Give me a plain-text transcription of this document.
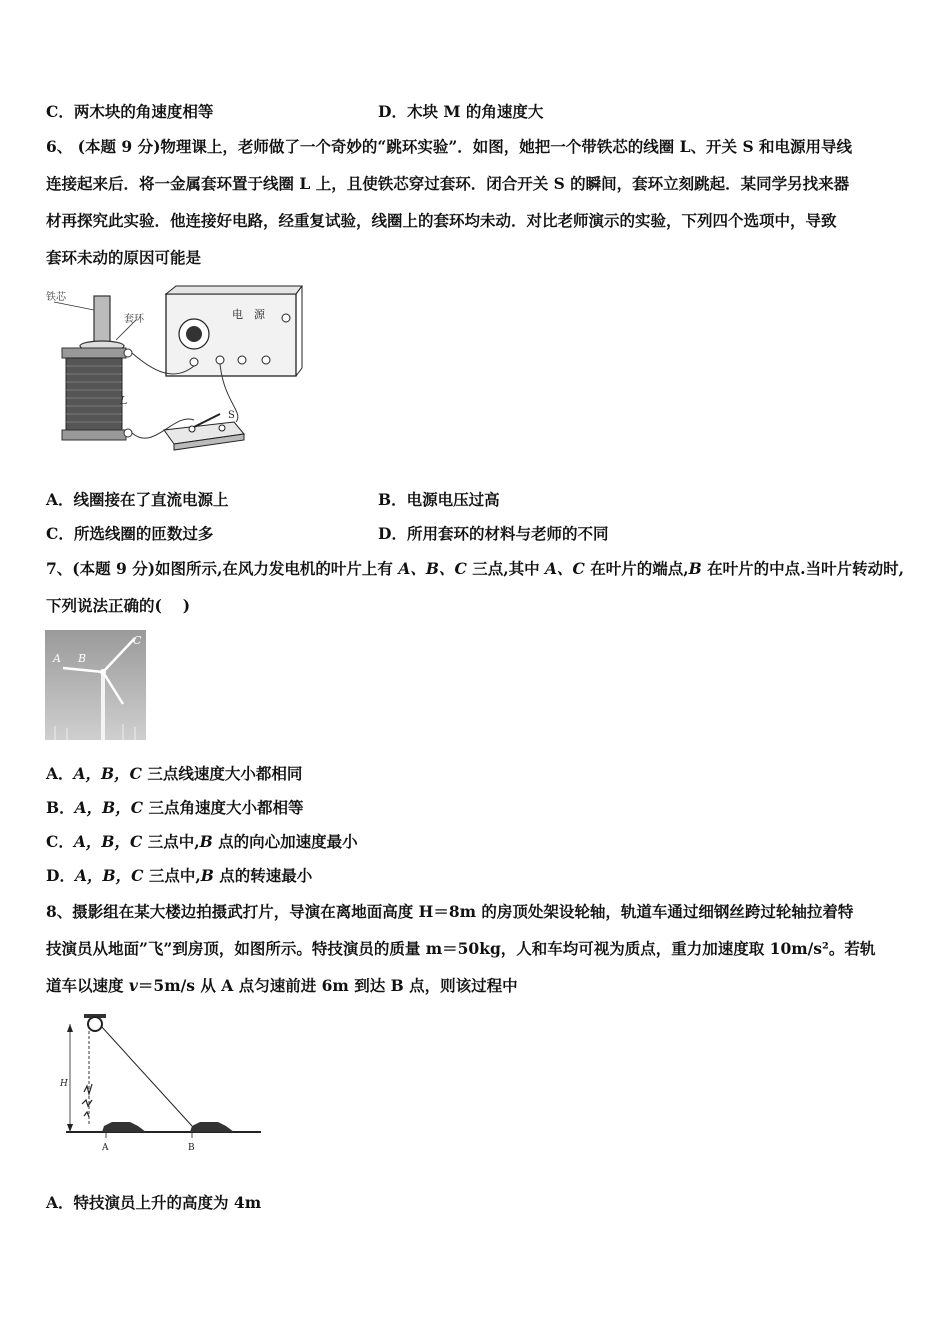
C．两木块的角速度相等	D．木块 M 的角速度大
6、 (本题 9 分)物理课上，老师做了一个奇妙的“跳环实验”．如图，她把一个带铁芯的线圈 L、开关 S 和电源用导线
连接起来后．将一金属套环置于线圈 L 上，且使铁芯穿过套环．闭合开关 S 的瞬间，套环立刻跳起．某同学另找来器
材再探究此实验．他连接好电路，经重复试验，线圈上的套环均未动．对比老师演示的实验，下列四个选项中，导致
套环未动的原因可能是
铁芯
套环
L
电　源
S
A．线圈接在了直流电源上	B．电源电压过高
C．所选线圈的匝数过多	D．所用套环的材料与老师的不同
7、(本题 9 分)如图所示,在风力发电机的叶片上有 A、B、C 三点,其中 A、C 在叶片的端点,B 在叶片的中点.当叶片转动时,
下列说法正确的(　 )
A B
C
A．A，B，C 三点线速度大小都相同
B．A，B，C 三点角速度大小都相等
C．A，B，C 三点中,B 点的向心加速度最小
D．A，B，C 三点中,B 点的转速最小
8、摄影组在某大楼边拍摄武打片，导演在离地面高度 H＝8m 的房顶处架设轮轴，轨道车通过细钢丝跨过轮轴拉着特
技演员从地面”飞”到房顶，如图所示。特技演员的质量 m＝50kg，人和车均可视为质点，重力加速度取 10m/s²。若轨
道车以速度 v＝5m/s 从 A 点匀速前进 6m 到达 B 点，则该过程中
H
A	B
A．特技演员上升的高度为 4m
